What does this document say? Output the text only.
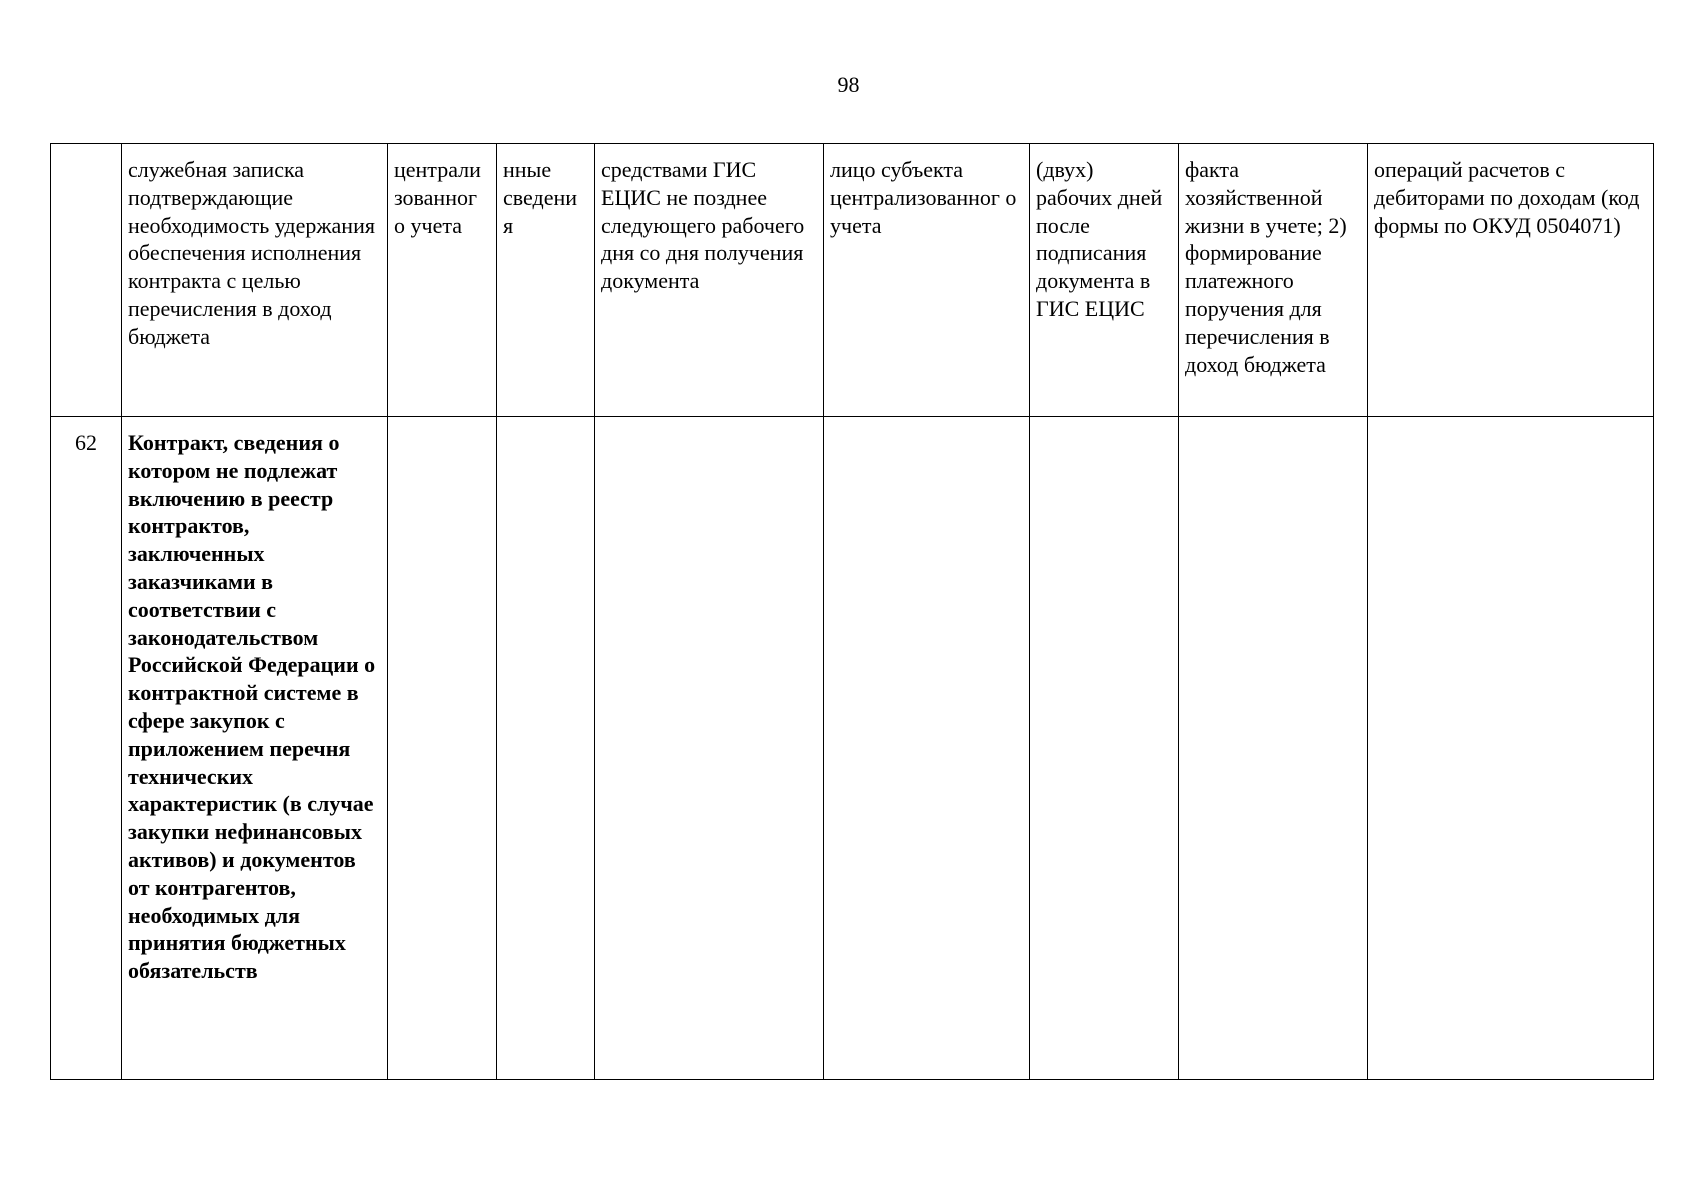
98
	служебная записка подтверждающие необходимость удержания обеспечения исполнения контракта с целью перечисления в доход бюджета	централи зованног о учета	нные сведени я	средствами ГИС ЕЦИС не позднее следующего рабочего дня со дня получения документа	лицо субъекта централизованног о учета	(двух) рабочих дней после подписания документа в ГИС ЕЦИС	факта хозяйственной жизни в учете; 2) формирование платежного поручения для перечисления в доход бюджета	операций расчетов с дебиторами по доходам (код формы по ОКУД 0504071)
62	Контракт, сведения о котором не подлежат включению в реестр контрактов, заключенных заказчиками в соответствии с законодательством Российской Федерации о контрактной системе в сфере закупок с приложением перечня технических характеристик (в случае закупки нефинансовых активов) и документов от контрагентов, необходимых для принятия бюджетных обязательств							
